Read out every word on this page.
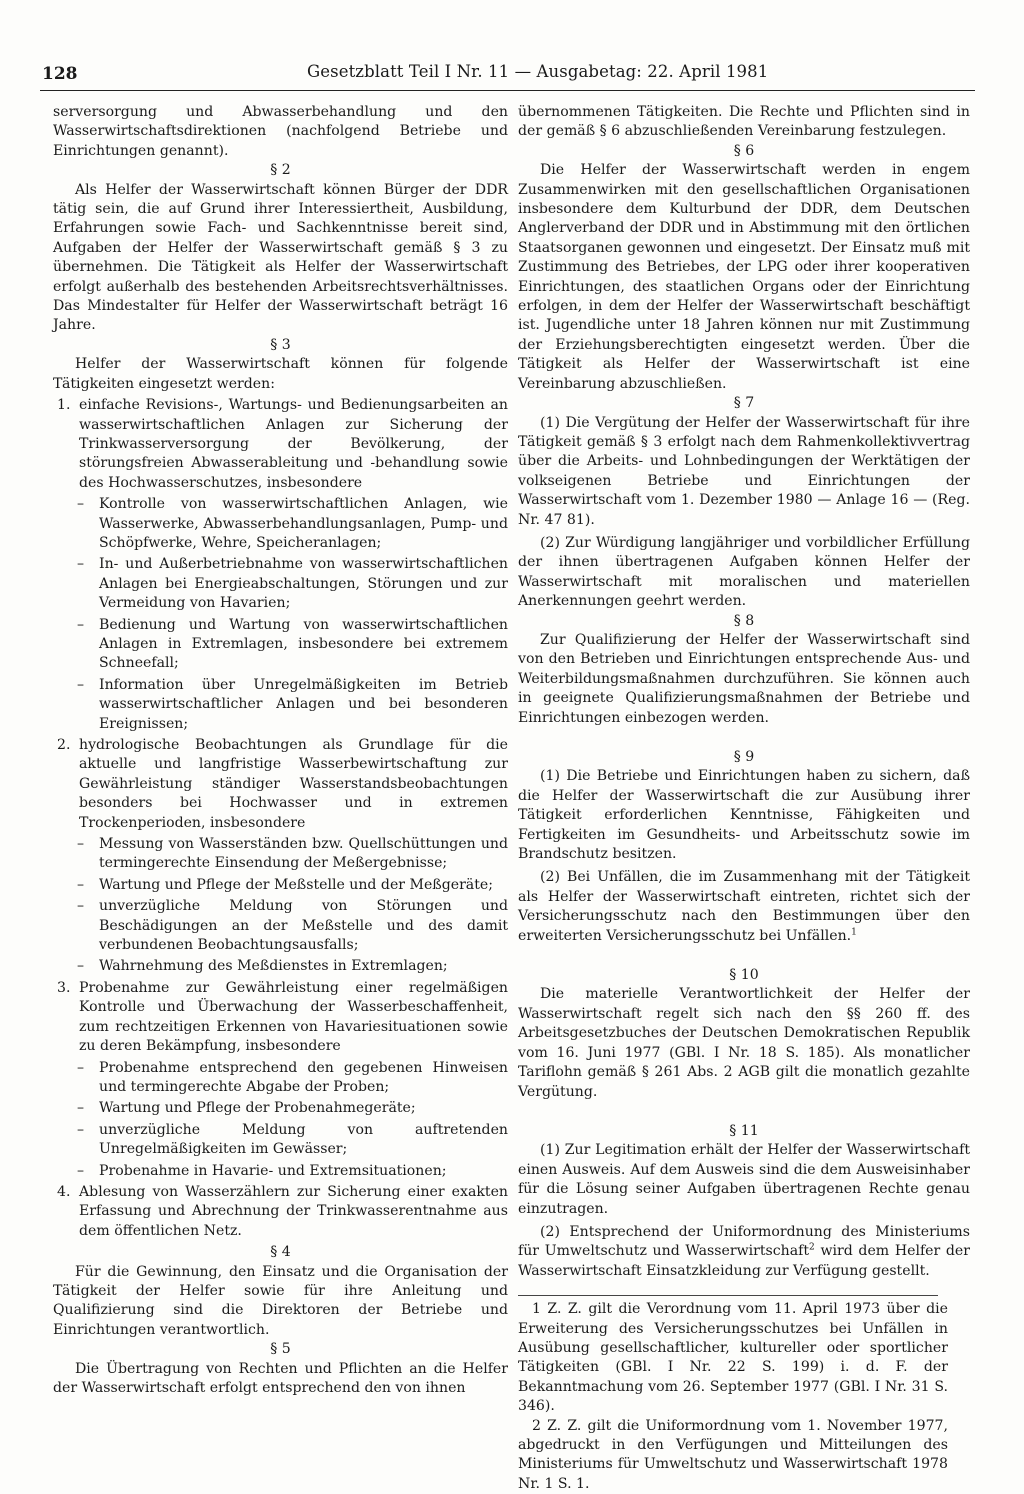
128	Gesetzblatt Teil I Nr. 11 — Ausgabetag: 22. April 1981

serversorgung und Abwasserbehandlung und den Wasserwirtschaftsdirektionen (nachfolgend Betriebe und Einrichtungen genannt).

§ 2

Als Helfer der Wasserwirtschaft können Bürger der DDR tätig sein, die auf Grund ihrer Interessiertheit, Ausbildung, Erfahrungen sowie Fach- und Sachkenntnisse bereit sind, Aufgaben der Helfer der Wasserwirtschaft gemäß § 3 zu übernehmen. Die Tätigkeit als Helfer der Wasserwirtschaft erfolgt außerhalb des bestehenden Arbeitsrechtsverhältnisses. Das Mindestalter für Helfer der Wasserwirtschaft beträgt 16 Jahre.

§ 3

Helfer der Wasserwirtschaft können für folgende Tätigkeiten eingesetzt werden:

1. einfache Revisions-, Wartungs- und Bedienungsarbeiten an wasserwirtschaftlichen Anlagen zur Sicherung der Trinkwasserversorgung der Bevölkerung, der störungsfreien Abwasserableitung und -behandlung sowie des Hochwasserschutzes, insbesondere
– Kontrolle von wasserwirtschaftlichen Anlagen, wie Wasserwerke, Abwasserbehandlungsanlagen, Pump- und Schöpfwerke, Wehre, Speicheranlagen;
– In- und Außerbetriebnahme von wasserwirtschaftlichen Anlagen bei Energieabschaltungen, Störungen und zur Vermeidung von Havarien;
– Bedienung und Wartung von wasserwirtschaftlichen Anlagen in Extremlagen, insbesondere bei extremem Schneefall;
– Information über Unregelmäßigkeiten im Betrieb wasserwirtschaftlicher Anlagen und bei besonderen Ereignissen;
2. hydrologische Beobachtungen als Grundlage für die aktuelle und langfristige Wasserbewirtschaftung zur Gewährleistung ständiger Wasserstandsbeobachtungen besonders bei Hochwasser und in extremen Trockenperioden, insbesondere
– Messung von Wasserständen bzw. Quellschüttungen und termingerechte Einsendung der Meßergebnisse;
– Wartung und Pflege der Meßstelle und der Meßgeräte;
– unverzügliche Meldung von Störungen und Beschädigungen an der Meßstelle und des damit verbundenen Beobachtungsausfalls;
– Wahrnehmung des Meßdienstes in Extremlagen;
3. Probenahme zur Gewährleistung einer regelmäßigen Kontrolle und Überwachung der Wasserbeschaffenheit, zum rechtzeitigen Erkennen von Havariesituationen sowie zu deren Bekämpfung, insbesondere
– Probenahme entsprechend den gegebenen Hinweisen und termingerechte Abgabe der Proben;
– Wartung und Pflege der Probenahmegeräte;
– unverzügliche Meldung von auftretenden Unregelmäßigkeiten im Gewässer;
– Probenahme in Havarie- und Extremsituationen;
4. Ablesung von Wasserzählern zur Sicherung einer exakten Erfassung und Abrechnung der Trinkwasserentnahme aus dem öffentlichen Netz.

§ 4

Für die Gewinnung, den Einsatz und die Organisation der Tätigkeit der Helfer sowie für ihre Anleitung und Qualifizierung sind die Direktoren der Betriebe und Einrichtungen verantwortlich.

§ 5

Die Übertragung von Rechten und Pflichten an die Helfer der Wasserwirtschaft erfolgt entsprechend den von ihnen

übernommenen Tätigkeiten. Die Rechte und Pflichten sind in der gemäß § 6 abzuschließenden Vereinbarung festzulegen.

§ 6

Die Helfer der Wasserwirtschaft werden in engem Zusammenwirken mit den gesellschaftlichen Organisationen insbesondere dem Kulturbund der DDR, dem Deutschen Anglerverband der DDR und in Abstimmung mit den örtlichen Staatsorganen gewonnen und eingesetzt. Der Einsatz muß mit Zustimmung des Betriebes, der LPG oder ihrer kooperativen Einrichtungen, des staatlichen Organs oder der Einrichtung erfolgen, in dem der Helfer der Wasserwirtschaft beschäftigt ist. Jugendliche unter 18 Jahren können nur mit Zustimmung der Erziehungsberechtigten eingesetzt werden. Über die Tätigkeit als Helfer der Wasserwirtschaft ist eine Vereinbarung abzuschließen.

§ 7

(1) Die Vergütung der Helfer der Wasserwirtschaft für ihre Tätigkeit gemäß § 3 erfolgt nach dem Rahmenkollektivvertrag über die Arbeits- und Lohnbedingungen der Werktätigen der volkseigenen Betriebe und Einrichtungen der Wasserwirtschaft vom 1. Dezember 1980 — Anlage 16 — (Reg. Nr. 47 81).

(2) Zur Würdigung langjähriger und vorbildlicher Erfüllung der ihnen übertragenen Aufgaben können Helfer der Wasserwirtschaft mit moralischen und materiellen Anerkennungen geehrt werden.

§ 8

Zur Qualifizierung der Helfer der Wasserwirtschaft sind von den Betrieben und Einrichtungen entsprechende Aus- und Weiterbildungsmaßnahmen durchzuführen. Sie können auch in geeignete Qualifizierungsmaßnahmen der Betriebe und Einrichtungen einbezogen werden.

§ 9

(1) Die Betriebe und Einrichtungen haben zu sichern, daß die Helfer der Wasserwirtschaft die zur Ausübung ihrer Tätigkeit erforderlichen Kenntnisse, Fähigkeiten und Fertigkeiten im Gesundheits- und Arbeitsschutz sowie im Brandschutz besitzen.

(2) Bei Unfällen, die im Zusammenhang mit der Tätigkeit als Helfer der Wasserwirtschaft eintreten, richtet sich der Versicherungsschutz nach den Bestimmungen über den erweiterten Versicherungsschutz bei Unfällen.$^1$

§ 10

Die materielle Verantwortlichkeit der Helfer der Wasserwirtschaft regelt sich nach den §§ 260 ff. des Arbeitsgesetzbuches der Deutschen Demokratischen Republik vom 16. Juni 1977 (GBl. I Nr. 18 S. 185). Als monatlicher Tariflohn gemäß § 261 Abs. 2 AGB gilt die monatlich gezahlte Vergütung.

§ 11

(1) Zur Legitimation erhält der Helfer der Wasserwirtschaft einen Ausweis. Auf dem Ausweis sind die dem Ausweisinhaber für die Lösung seiner Aufgaben übertragenen Rechte genau einzutragen.

(2) Entsprechend der Uniformordnung des Ministeriums für Umweltschutz und Wasserwirtschaft$^2$ wird dem Helfer der Wasserwirtschaft Einsatzkleidung zur Verfügung gestellt.

1 Z. Z. gilt die Verordnung vom 11. April 1973 über die Erweiterung des Versicherungsschutzes bei Unfällen in Ausübung gesellschaftlicher, kultureller oder sportlicher Tätigkeiten (GBl. I Nr. 22 S. 199) i. d. F. der Bekanntmachung vom 26. September 1977 (GBl. I Nr. 31 S. 346).

2 Z. Z. gilt die Uniformordnung vom 1. November 1977, abgedruckt in den Verfügungen und Mitteilungen des Ministeriums für Umweltschutz und Wasserwirtschaft 1978 Nr. 1 S. 1.
